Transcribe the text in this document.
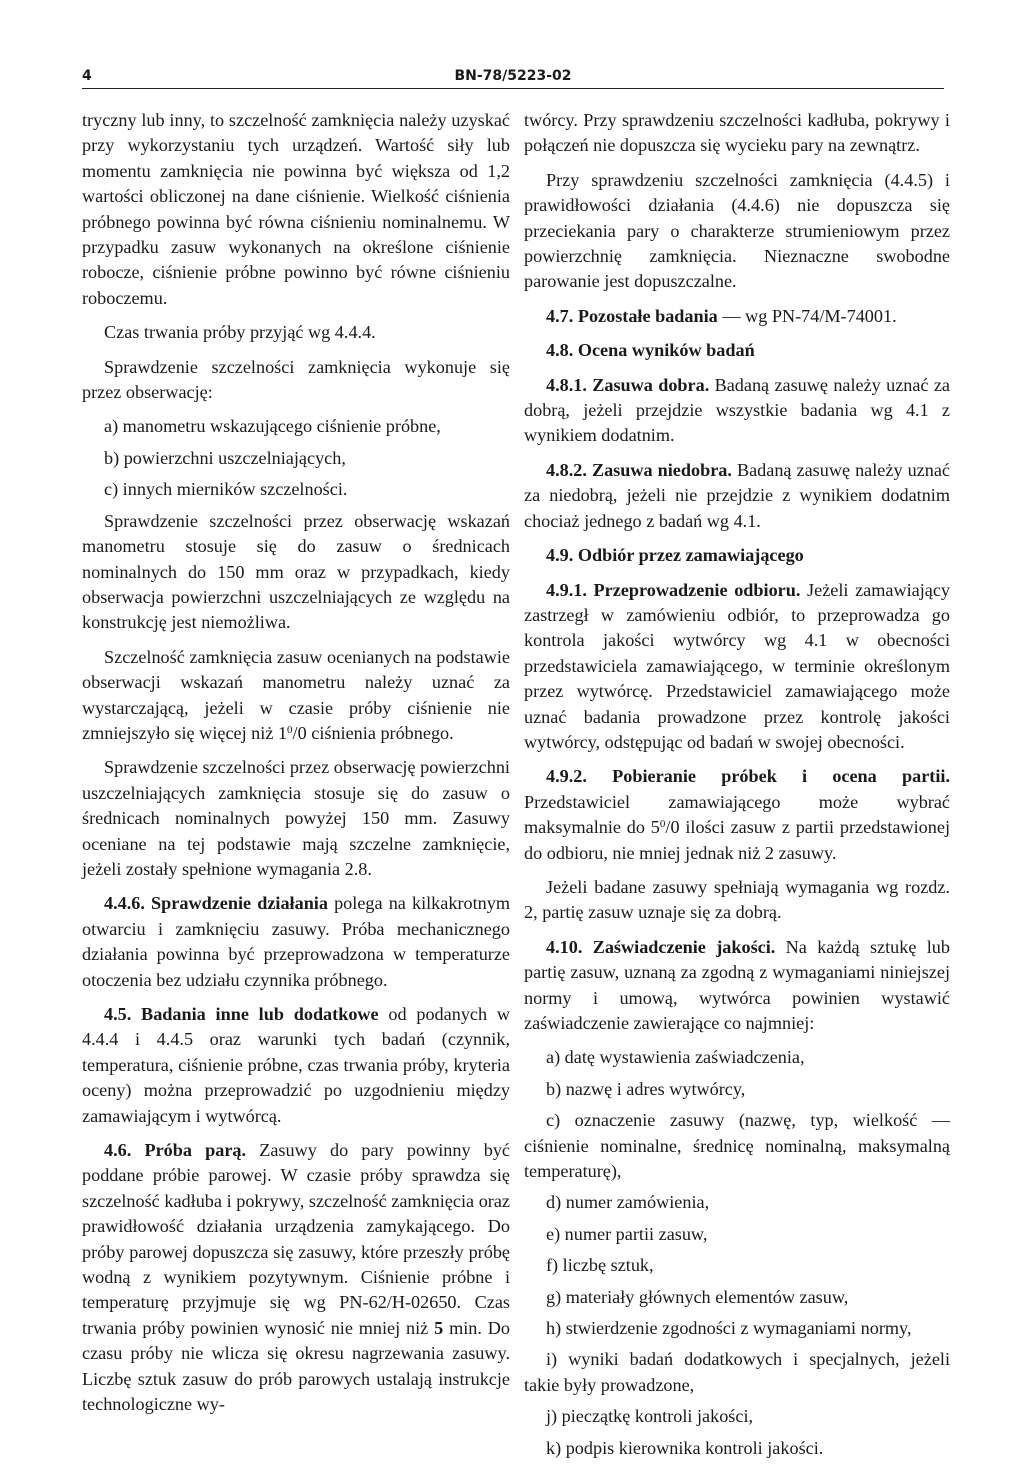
4	BN-78/5223-02

tryczny lub inny, to szczelność zamknięcia należy uzyskać przy wykorzystaniu tych urządzeń. Wartość siły lub momentu zamknięcia nie powinna być większa od 1,2 wartości obliczonej na dane ciśnienie. Wielkość ciśnienia próbnego powinna być równa ciśnieniu nominalnemu. W przypadku zasuw wykonanych na określone ciśnienie robocze, ciśnienie próbne powinno być równe ciśnieniu roboczemu.

Czas trwania próby przyjąć wg 4.4.4.

Sprawdzenie szczelności zamknięcia wykonuje się przez obserwację:

a) manometru wskazującego ciśnienie próbne,

b) powierzchni uszczelniających,

c) innych mierników szczelności.

Sprawdzenie szczelności przez obserwację wskazań manometru stosuje się do zasuw o średnicach nominalnych do 150 mm oraz w przypadkach, kiedy obserwacja powierzchni uszczelniających ze względu na konstrukcję jest niemożliwa.

Szczelność zamknięcia zasuw ocenianych na podstawie obserwacji wskazań manometru należy uznać za wystarczającą, jeżeli w czasie próby ciśnienie nie zmniejszyło się więcej niż $1^0/0$ ciśnienia próbnego.

Sprawdzenie szczelności przez obserwację powierzchni uszczelniających zamknięcia stosuje się do zasuw o średnicach nominalnych powyżej 150 mm. Zasuwy oceniane na tej podstawie mają szczelne zamknięcie, jeżeli zostały spełnione wymagania 2.8.

4.4.6. Sprawdzenie działania polega na kilkakrotnym otwarciu i zamknięciu zasuwy. Próba mechanicznego działania powinna być przeprowadzona w temperaturze otoczenia bez udziału czynnika próbnego.

4.5. Badania inne lub dodatkowe od podanych w 4.4.4 i 4.4.5 oraz warunki tych badań (czynnik, temperatura, ciśnienie próbne, czas trwania próby, kryteria oceny) można przeprowadzić po uzgodnieniu między zamawiającym i wytwórcą.

4.6. Próba parą. Zasuwy do pary powinny być poddane próbie parowej. W czasie próby sprawdza się szczelność kadłuba i pokrywy, szczelność zamknięcia oraz prawidłowość działania urządzenia zamykającego. Do próby parowej dopuszcza się zasuwy, które przeszły próbę wodną z wynikiem pozytywnym. Ciśnienie próbne i temperaturę przyjmuje się wg PN-62/H-02650. Czas trwania próby powinien wynosić nie mniej niż 5 min. Do czasu próby nie wlicza się okresu nagrzewania zasuwy. Liczbę sztuk zasuw do prób parowych ustalają instrukcje technologiczne wy-

twórcy. Przy sprawdzeniu szczelności kadłuba, pokrywy i połączeń nie dopuszcza się wycieku pary na zewnątrz.

Przy sprawdzeniu szczelności zamknięcia (4.4.5) i prawidłowości działania (4.4.6) nie dopuszcza się przeciekania pary o charakterze strumieniowym przez powierzchnię zamknięcia. Nieznaczne swobodne parowanie jest dopuszczalne.

4.7. Pozostałe badania — wg PN-74/M-74001.

4.8. Ocena wyników badań

4.8.1. Zasuwa dobra. Badaną zasuwę należy uznać za dobrą, jeżeli przejdzie wszystkie badania wg 4.1 z wynikiem dodatnim.

4.8.2. Zasuwa niedobra. Badaną zasuwę należy uznać za niedobrą, jeżeli nie przejdzie z wynikiem dodatnim chociaż jednego z badań wg 4.1.

4.9. Odbiór przez zamawiającego

4.9.1. Przeprowadzenie odbioru. Jeżeli zamawiający zastrzegł w zamówieniu odbiór, to przeprowadza go kontrola jakości wytwórcy wg 4.1 w obecności przedstawiciela zamawiającego, w terminie określonym przez wytwórcę. Przedstawiciel zamawiającego może uznać badania prowadzone przez kontrolę jakości wytwórcy, odstępując od badań w swojej obecności.

4.9.2. Pobieranie próbek i ocena partii. Przedstawiciel zamawiającego może wybrać maksymalnie do $5^0/0$ ilości zasuw z partii przedstawionej do odbioru, nie mniej jednak niż 2 zasuwy.

Jeżeli badane zasuwy spełniają wymagania wg rozdz. 2, partię zasuw uznaje się za dobrą.

4.10. Zaświadczenie jakości. Na każdą sztukę lub partię zasuw, uznaną za zgodną z wymaganiami niniejszej normy i umową, wytwórca powinien wystawić zaświadczenie zawierające co najmniej:

a) datę wystawienia zaświadczenia,

b) nazwę i adres wytwórcy,

c) oznaczenie zasuwy (nazwę, typ, wielkość — ciśnienie nominalne, średnicę nominalną, maksymalną temperaturę),

d) numer zamówienia,

e) numer partii zasuw,

f) liczbę sztuk,

g) materiały głównych elementów zasuw,

h) stwierdzenie zgodności z wymaganiami normy,

i) wyniki badań dodatkowych i specjalnych, jeżeli takie były prowadzone,

j) pieczątkę kontroli jakości,

k) podpis kierownika kontroli jakości.
